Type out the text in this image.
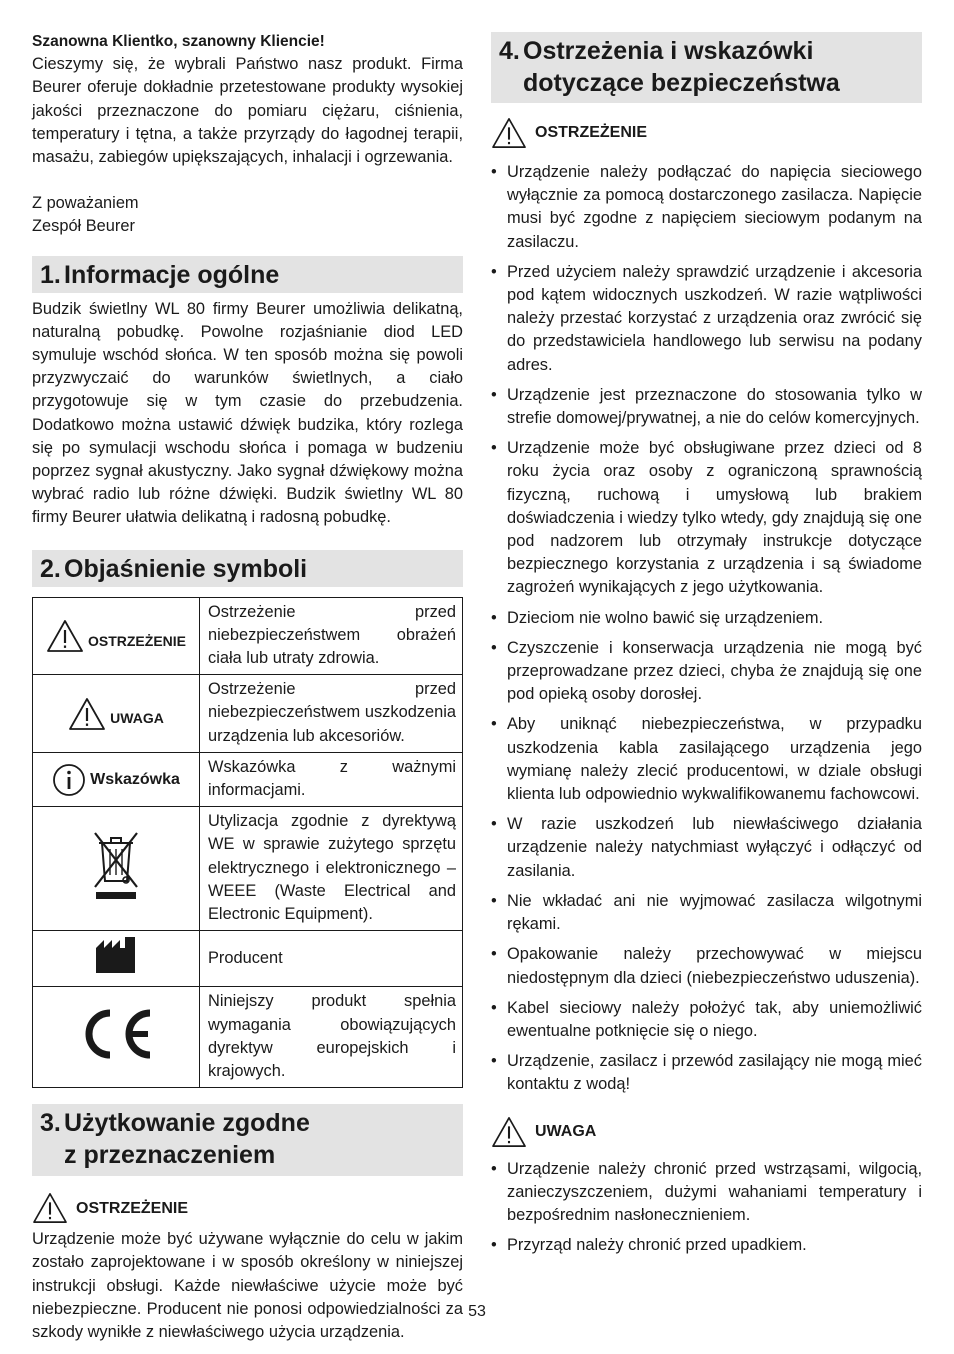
Szanowna Klientko, szanowny Kliencie!

Cieszymy się, że wybrali Państwo nasz produkt. Firma Beurer oferuje dokładnie przetestowane produkty wysokiej jakości przeznaczone do pomiaru ciężaru, ciśnienia, temperatury i tętna, a także przyrządy do łagodnej terapii, masażu, zabiegów upiększających, inhalacji i ogrzewania.

Z poważaniem

Zespół Beurer

1. Informacje ogólne

Budzik świetlny WL 80 firmy Beurer umożliwia delikatną, naturalną pobudkę. Powolne rozjaśnianie diod LED symuluje wschód słońca. W ten sposób można się powoli przyzwyczaić do warunków świetlnych, a ciało przygotowuje się w tym czasie do przebudzenia. Dodatkowo można ustawić dźwięk budzika, który rozlega się po symulacji wschodu słońca i pomaga w budzeniu poprzez sygnał akustyczny. Jako sygnał dźwiękowy można wybrać radio lub różne dźwięki. Budzik świetlny WL 80 firmy Beurer ułatwia delikatną i radosną pobudkę.

2. Objaśnienie symboli
OSTRZEŻENIE	Ostrzeżenie przed niebezpieczeństwem obrażeń ciała lub utraty zdrowia.

UWAGA	Ostrzeżenie przed niebezpieczeństwem uszkodzenia urządzenia lub akcesoriów.

Wskazówka	Wskazówka z ważnymi informacjami.
	Utylizacja zgodnie z dyrektywą WE w sprawie zużytego sprzętu elektrycznego i elektronicznego – WEEE (Waste Electrical and Electronic Equipment).
	Producent
	Niniejszy produkt spełnia wymagania obowiązujących dyrektyw europejskich i krajowych.
3. Użytkowanie zgodne
z przeznaczeniem
OSTRZEŻENIE

Urządzenie może być używane wyłącznie do celu w jakim zostało zaprojektowane i w sposób określony w niniejszej instrukcji obsługi. Każde niewłaściwe użycie może być niebezpieczne. Producent nie ponosi odpowiedzialności za szkody wynikłe z niewłaściwego użycia urządzenia.

4. Ostrzeżenia i wskazówki
dotyczące bezpieczeństwa
OSTRZEŻENIE
• Urządzenie należy podłączać do napięcia sieciowego wyłącznie za pomocą dostarczonego zasilacza. Napięcie musi być zgodne z napięciem sieciowym podanym na zasilaczu.
• Przed użyciem należy sprawdzić urządzenie i akcesoria pod kątem widocznych uszkodzeń. W razie wątpliwości należy przestać korzystać z urządzenia oraz zwrócić się do przedstawiciela handlowego lub serwisu na podany adres.
• Urządzenie jest przeznaczone do stosowania tylko w strefie domowej/prywatnej, a nie do celów komercyjnych.
• Urządzenie może być obsługiwane przez dzieci od 8 roku życia oraz osoby z ograniczoną sprawnością fizyczną, ruchową i umysłową lub brakiem doświadczenia i wiedzy tylko wtedy, gdy znajdują się one pod nadzorem lub otrzymały instrukcje dotyczące bezpiecznego korzystania z urządzenia i są świadome zagrożeń wynikających z jego użytkowania.
• Dzieciom nie wolno bawić się urządzeniem.
• Czyszczenie i konserwacja urządzenia nie mogą być przeprowadzane przez dzieci, chyba że znajdują się one pod opieką osoby dorosłej.
• Aby uniknąć niebezpieczeństwa, w przypadku uszkodzenia kabla zasilającego urządzenia jego wymianę należy zlecić producentowi, w dziale obsługi klienta lub odpowiednio wykwalifikowanemu fachowcowi.
• W razie uszkodzeń lub niewłaściwego działania urządzenie należy natychmiast wyłączyć i odłączyć od zasilania.
• Nie wkładać ani nie wyjmować zasilacza wilgotnymi rękami.
• Opakowanie należy przechowywać w miejscu niedostępnym dla dzieci (niebezpieczeństwo uduszenia).
• Kabel sieciowy należy położyć tak, aby uniemożliwić ewentualne potknięcie się o niego.
• Urządzenie, zasilacz i przewód zasilający nie mogą mieć kontaktu z wodą!
UWAGA
• Urządzenie należy chronić przed wstrząsami, wilgocią, zanieczyszczeniem, dużymi wahaniami temperatury i bezpośrednim nasłonecznieniem.
• Przyrząd należy chronić przed upadkiem.
53
